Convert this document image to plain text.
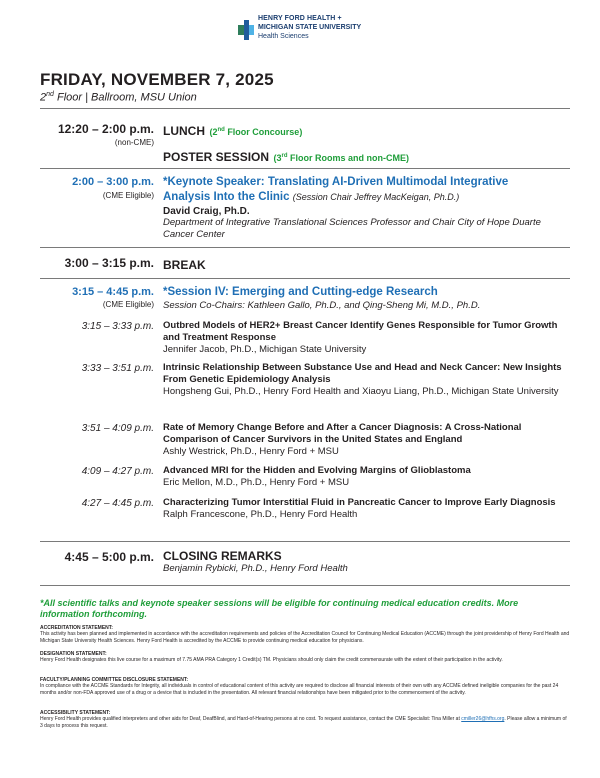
HENRY FORD HEALTH +
MICHIGAN STATE UNIVERSITY
Health Sciences
FRIDAY, NOVEMBER 7, 2025
2nd Floor | Ballroom, MSU Union
12:20 – 2:00 p.m.
(non-CME)
LUNCH (2nd Floor Concourse)
POSTER SESSION (3rd Floor Rooms and non-CME)
2:00 – 3:00 p.m.
(CME Eligible)
*Keynote Speaker: Translating AI-Driven Multimodal Integrative Analysis Into the Clinic (Session Chair Jeffrey MacKeigan, Ph.D.)
David Craig, Ph.D.
Department of Integrative Translational Sciences Professor and Chair City of Hope Duarte Cancer Center
3:00 – 3:15 p.m. BREAK
3:15 – 4:45 p.m.
(CME Eligible)
*Session IV: Emerging and Cutting-edge Research
Session Co-Chairs: Kathleen Gallo, Ph.D., and Qing-Sheng Mi, M.D., Ph.D.
3:15 – 3:33 p.m. Outbred Models of HER2+ Breast Cancer Identify Genes Responsible for Tumor Growth and Treatment Response
Jennifer Jacob, Ph.D., Michigan State University
3:33 – 3:51 p.m. Intrinsic Relationship Between Substance Use and Head and Neck Cancer: New Insights From Genetic Epidemiology Analysis
Hongsheng Gui, Ph.D., Henry Ford Health and Xiaoyu Liang, Ph.D., Michigan State University
3:51 – 4:09 p.m. Rate of Memory Change Before and After a Cancer Diagnosis: A Cross-National Comparison of Cancer Survivors in the United States and England
Ashly Westrick, Ph.D., Henry Ford + MSU
4:09 – 4:27 p.m. Advanced MRI for the Hidden and Evolving Margins of Glioblastoma
Eric Mellon, M.D., Ph.D., Henry Ford + MSU
4:27 – 4:45 p.m. Characterizing Tumor Interstitial Fluid in Pancreatic Cancer to Improve Early Diagnosis
Ralph Francescone, Ph.D., Henry Ford Health
4:45 – 5:00 p.m. CLOSING REMARKS
Benjamin Rybicki, Ph.D., Henry Ford Health
*All scientific talks and keynote speaker sessions will be eligible for continuing medical education credits. More information forthcoming.
ACCREDITATION STATEMENT:
This activity has been planned and implemented in accordance with the accreditation requirements and policies of the Accreditation Council for Continuing Medical Education (ACCME) through the joint providership of Henry Ford Health and Michigan State University Health Sciences. Henry Ford Health is accredited by the ACCME to provide continuing medical education for physicians.
DESIGNATION STATEMENT:
Henry Ford Health designates this live course for a maximum of 7.75 AMA PRA Category 1 Credit(s) TM. Physicians should only claim the credit commensurate with the extent of their participation in the activity.
FACULTY/PLANNING COMMITTEE DISCLOSURE STATEMENT:
In compliance with the ACCME Standards for Integrity, all individuals in control of educational content of this activity are required to disclose all financial interests of their own with any ACCME defined ineligible companies for the past 24 months and/or non-FDA approved use of a drug or a device that is included in the presentation. All relevant financial relationships have been mitigated prior to the commencement of the activity.
ACCESSIBILITY STATEMENT:
Henry Ford Health provides qualified interpreters and other aids for Deaf, DeafBlind, and Hard-of-Hearing persons at no cost. To request assistance, contact the CME Specialist: Tina Miller at cmiller26@hfhs.org. Please allow a minimum of 3 days to process this request.
